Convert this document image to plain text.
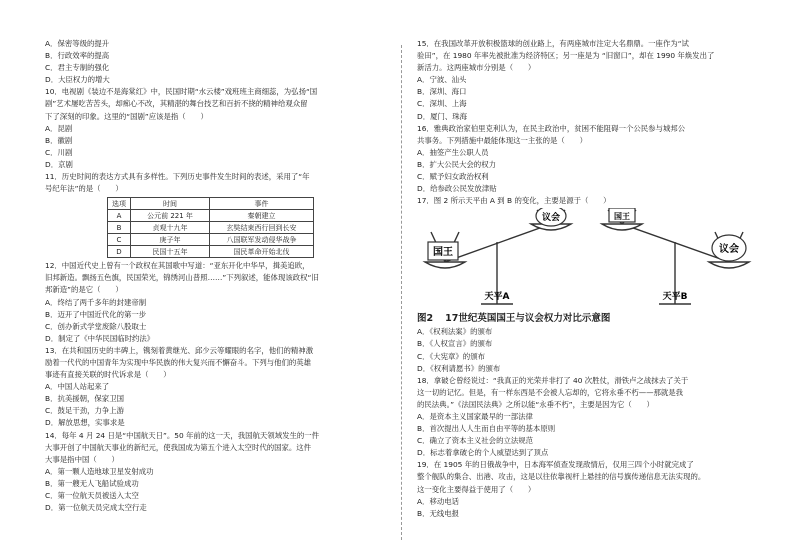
A．保密等级的提升
B．行政效率的提高
C．君主专制的强化
D．大臣权力的增大
10．电视剧《装边不是海棠红》中，民国时期“水云楼”戏班班主商细蕊，为弘扬“国
剧”艺术屡吃苦苦头，却痴心不改，其精湛的舞台技艺和百折不挠的精神给观众留
下了深刻的印象。这里的“国剧”应该是指（　　）
A．昆剧
B．徽剧
C．川剧
D．京剧
11．历史时间的表达方式具有多样性。下列历史事件发生时间的表述，采用了“年
号纪年法”的是（　　）
选项	时间	事件
A	公元前 221 年	秦朝建立
B	贞观十九年	玄奘结束西行回到长安
C	庚子年	八国联军发动侵华战争
D	民国十五年	国民革命开始北伐
12．中国近代史上曾有一个政权在其国歌中写道：“亚东开化中华早，揖美追欧，
旧邦新造。飘扬五色旗，民国荣光，锦绣河山普照……”下列叙述，能体现该政权“旧
邦新造”的是它（　　）
A．终结了两千多年的封建帝制
B．迈开了中国近代化的第一步
C．创办新式学堂废除八股取士
D．制定了《中华民国临时约法》
13．在共和国历史的丰碑上，镌刻着黄继光、邱少云等耀眼的名字，他们的精神激
励着一代代的中国青年为实现中华民族的伟大复兴而不懈奋斗。下列与他们的英雄
事迹有直接关联的时代诉求是（　　）
A．中国人站起来了
B．抗美援朝，保家卫国
C．鼓足干劲，力争上游
D．解放思想，实事求是
14．每年 4 月 24 日是“中国航天日”。50 年前的这一天，我国航天领域发生的一件
大事开创了中国航天事业的新纪元，使我国成为第五个进入太空时代的国家。这件
大事是指中国（　　）
A．第一颗人造地球卫星发射成功
B．第一艘无人飞船试验成功
C．第一位航天员被送入太空
D．第一位航天员完成太空行走
15．在我国改革开放积极篮球的创业路上，有两座城市注定大名鼎鼎。一座作为“试
验田”，在 1980 年率先被批准为经济特区；另一座是为 “旧窗口”，却在 1990 年焕发出了
新活力。这两座城市分别是（　　）
A．宁波、汕头
B．深圳、海口
C．深圳、上海
D．厦门、珠海
16．雅典政治家伯里克利认为，在民主政治中，贫困不能阻碍一个公民参与城邦公
共事务。下列措施中最能体现这一主张的是（　　）
A．抽签产生公职人员
B．扩大公民大会的权力
C．赋予妇女政治权利
D．给参政公民发放津贴
17．图 2 所示天平由 A 到 B 的变化，主要是源于（　　）
国王
议会
天平A
国王
议会
天平B
图2 17世纪英国国王与议会权力对比示意图
A．《权利法案》的颁布
B．《人权宣言》的颁布
C．《大宪章》的颁布
D．《权利请愿书》的颁布
18．拿破仑曾经说过：“我真正的光荣并非打了 40 次胜仗，滑铁卢之战抹去了关于
这一切的记忆。但是，有一样东西是不会被人忘却的，它将永垂不朽——那就是我
的民法典。”《法国民法典》之所以能“永垂不朽”，主要是因为它（　　）
A．是资本主义国家最早的一部法律
B．首次提出人人生而自由平等的基本原则
C．确立了资本主义社会的立法规范
D．标志着拿破仑的个人威望达到了顶点
19．在 1905 年的日俄战争中，日本海军侦查发现敌情后，仅用三四个小时就完成了
整个舰队的集合、出港、攻击，这是以往依靠视杆上悬挂的信号旗传递信息无法实现的。
这一变化主要得益于使用了（　　）
A．移动电话
B．无线电报
